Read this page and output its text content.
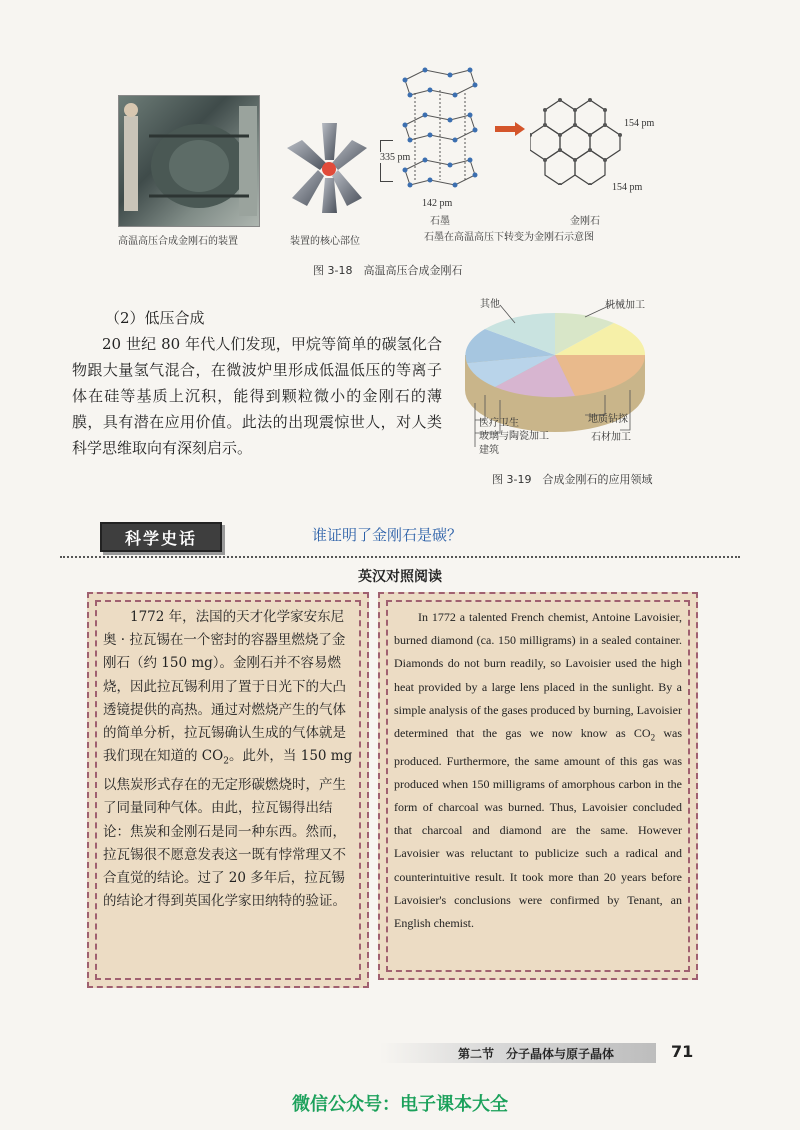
高温高压合成金刚石的装置	装置的核心部位
335 pm
142 pm
154 pm
154 pm
石墨	金刚石
石墨在高温高压下转变为金刚石示意图
图 3-18　高温高压合成金刚石
（2）低压合成
20 世纪 80 年代人们发现，甲烷等简单的碳氢化合物跟大量氢气混合，在微波炉里形成低温低压的等离子体在硅等基质上沉积，能得到颗粒微小的金刚石的薄膜，具有潜在应用价值。此法的出现震惊世人，对人类科学思维取向有深刻启示。
其他	机械加工
医疗卫生
玻璃与陶瓷加工
建筑
地质钻探
石材加工
图 3-19　合成金刚石的应用领域
科学史话	谁证明了金刚石是碳？
英汉对照阅读

1772 年，法国的天才化学家安东尼奥 · 拉瓦锡在一个密封的容器里燃烧了金刚石（约 150 mg）。金刚石并不容易燃烧，因此拉瓦锡利用了置于日光下的大凸透镜提供的高热。通过对燃烧产生的气体的简单分析，拉瓦锡确认生成的气体就是我们现在知道的 $CO_2$。此外，当 150 mg 以焦炭形式存在的无定形碳燃烧时，产生了同量同种气体。由此，拉瓦锡得出结论：焦炭和金刚石是同一种东西。然而，拉瓦锡很不愿意发表这一既有悖常理又不合直觉的结论。过了 20 多年后，拉瓦锡的结论才得到英国化学家田纳特的验证。

In 1772 a talented French chemist, Antoine Lavoisier, burned diamond (ca. 150 milligrams) in a sealed container. Diamonds do not burn readily, so Lavoisier used the high heat provided by a large lens placed in the sunlight. By a simple analysis of the gases produced by burning, Lavoisier determined that the gas we now know as $CO_2$ was produced. Furthermore, the same amount of this gas was produced when 150 milligrams of amorphous carbon in the form of charcoal was burned. Thus, Lavoisier concluded that charcoal and diamond are the same. However Lavoisier was reluctant to publicize such a radical and counterintuitive result. It took more than 20 years before Lavoisier's conclusions were confirmed by Tenant, an English chemist.

第二节　分子晶体与原子晶体	71
微信公众号：电子课本大全
